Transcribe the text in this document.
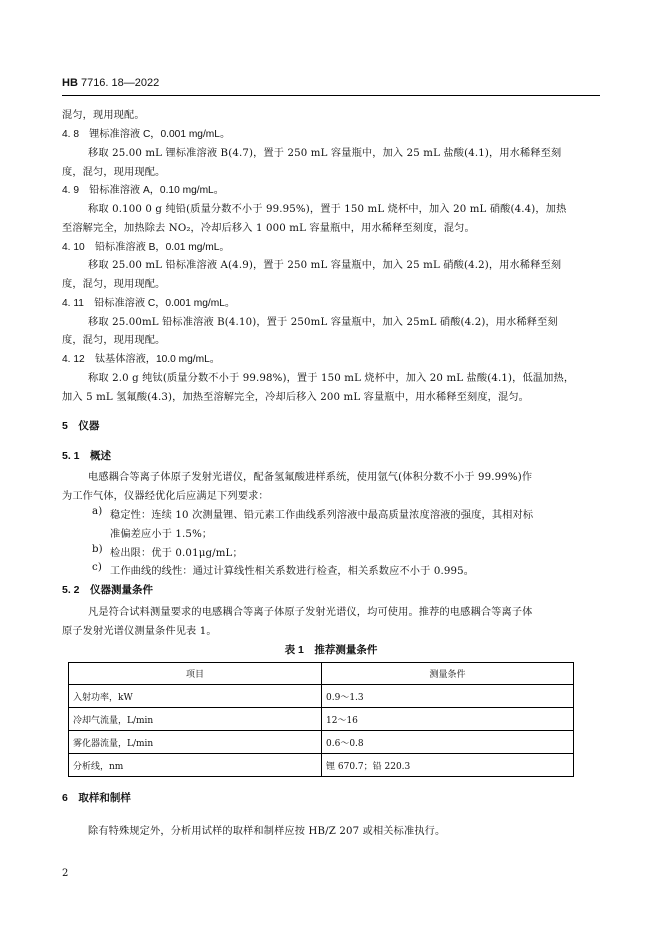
HB 7716. 18—2022
混匀，现用现配。
4. 8　锂标准溶液 C，0.001 mg/mL。
移取 25.00 mL 锂标准溶液 B(4.7)，置于 250 mL 容量瓶中，加入 25 mL 盐酸(4.1)，用水稀释至刻
度，混匀，现用现配。
4. 9　铅标准溶液 A，0.10 mg/mL。
称取 0.100 0 g 纯铅(质量分数不小于 99.95%)，置于 150 mL 烧杯中，加入 20 mL 硝酸(4.4)，加热
至溶解完全，加热除去 NO₂，冷却后移入 1 000 mL 容量瓶中，用水稀释至刻度，混匀。
4. 10　铅标准溶液 B，0.01 mg/mL。
移取 25.00 mL 铅标准溶液 A(4.9)，置于 250 mL 容量瓶中，加入 25 mL 硝酸(4.2)，用水稀释至刻
度，混匀，现用现配。
4. 11　铅标准溶液 C，0.001 mg/mL。
移取 25.00mL 铅标准溶液 B(4.10)，置于 250mL 容量瓶中，加入 25mL 硝酸(4.2)，用水稀释至刻
度，混匀，现用现配。
4. 12　钛基体溶液，10.0 mg/mL。
称取 2.0 g 纯钛(质量分数不小于 99.98%)，置于 150 mL 烧杯中，加入 20 mL 盐酸(4.1)，低温加热，
加入 5 mL 氢氟酸(4.3)，加热至溶解完全，冷却后移入 200 mL 容量瓶中，用水稀释至刻度，混匀。
5　仪器
5. 1　概述
电感耦合等离子体原子发射光谱仪，配备氢氟酸进样系统，使用氩气(体积分数不小于 99.99%)作
为工作气体，仪器经优化后应满足下列要求：
a) 稳定性：连续 10 次测量锂、铅元素工作曲线系列溶液中最高质量浓度溶液的强度，其相对标
准偏差应小于 1.5%；
b) 检出限：优于 0.01μg/mL；
c) 工作曲线的线性：通过计算线性相关系数进行检查，相关系数应不小于 0.995。
5. 2　仪器测量条件
凡是符合试料测量要求的电感耦合等离子体原子发射光谱仪，均可使用。推荐的电感耦合等离子体
原子发射光谱仪测量条件见表 1。
表 1　推荐测量条件
项目	测量条件
入射功率，kW	0.9～1.3
冷却气流量，L/min	12～16
雾化器流量，L/min	0.6～0.8
分析线，nm	锂 670.7；铅 220.3
6　取样和制样
除有特殊规定外，分析用试样的取样和制样应按 HB/Z 207 或相关标准执行。
2
